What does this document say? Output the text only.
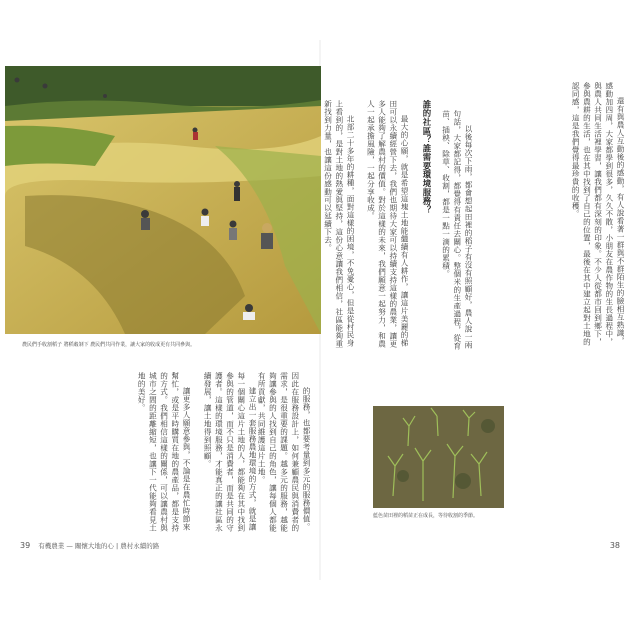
農民們手收割稻子 將稻穀剝下 農民們共同作業，讓大家的收成更有共同參與。	還有與農人互動後的感動，有人說看著一群與不群陌生的臉相互熟識，感動加四周，大家都學到很多，久久不散，小朋友在農作物的生長過程中，與農人共同生活裡學習，讓我們都有深刻的印象。不少人從都市回到鄉下，參與農耕的生活，也在其中找到了自己的位置，最後在其中建立起對土地的認同感，這是我們覺得最珍貴的收穫。

以後每次下雨，都會想起田裡的稻子有沒有照顧好，農人說一兩句話，大家都記得，都覺得有責任去關心。整個米的生產過程，從育苗、插秧、除草、收割，都是一點一滴的累積。

誰的社區？誰需要環境服務？

最大的心願，就是希望這塊土地能繼續有人耕作，讓這片美麗的梯田可以永續經營下去，我們也期待大家可以持續支持這樣的農業，讓更多人能夠了解農村的價值。對於這樣的未來，我們願意一起努力，和農人一起承擔風險，一起分享收成。

北部二十多年的耕種，面對這樣的困境，不免憂心，但是從村民身上看到的，是對土地的熱愛與堅持，這份心意讓我們相信，社區能夠重新找到力量，也讓這份感動可以延續下去。

藍色苗田裡的稻苗正在成長，等待收割的季節。

的服務，也都要考量到多元的服務價值。因此在服務設計上，如何兼顧農民與消費者的需求，是很重要的課題。越多元的服務，越能夠讓參與的人找到自己的角色，讓每個人都能有所貢獻，共同維護這片土地。

建立出一套服務農地環境的方式，就是讓每一個關心這片土地的人，都能夠在其中找到參與的管道，而不只是消費者，而是共同的守護者。這樣的環境服務，才能真正的讓社區永續發展，讓土地得到照顧。

讓更多人願意參與，不論是在農忙時節來幫忙，或是平時購買在地的農產品，都是支持的方式。我們相信這樣的關係，可以讓農村與城市之間的距離縮短，也讓下一代能夠看見土地的美好。

39 有機農業 — 關懷大地的心 | 農村永續的路	38
